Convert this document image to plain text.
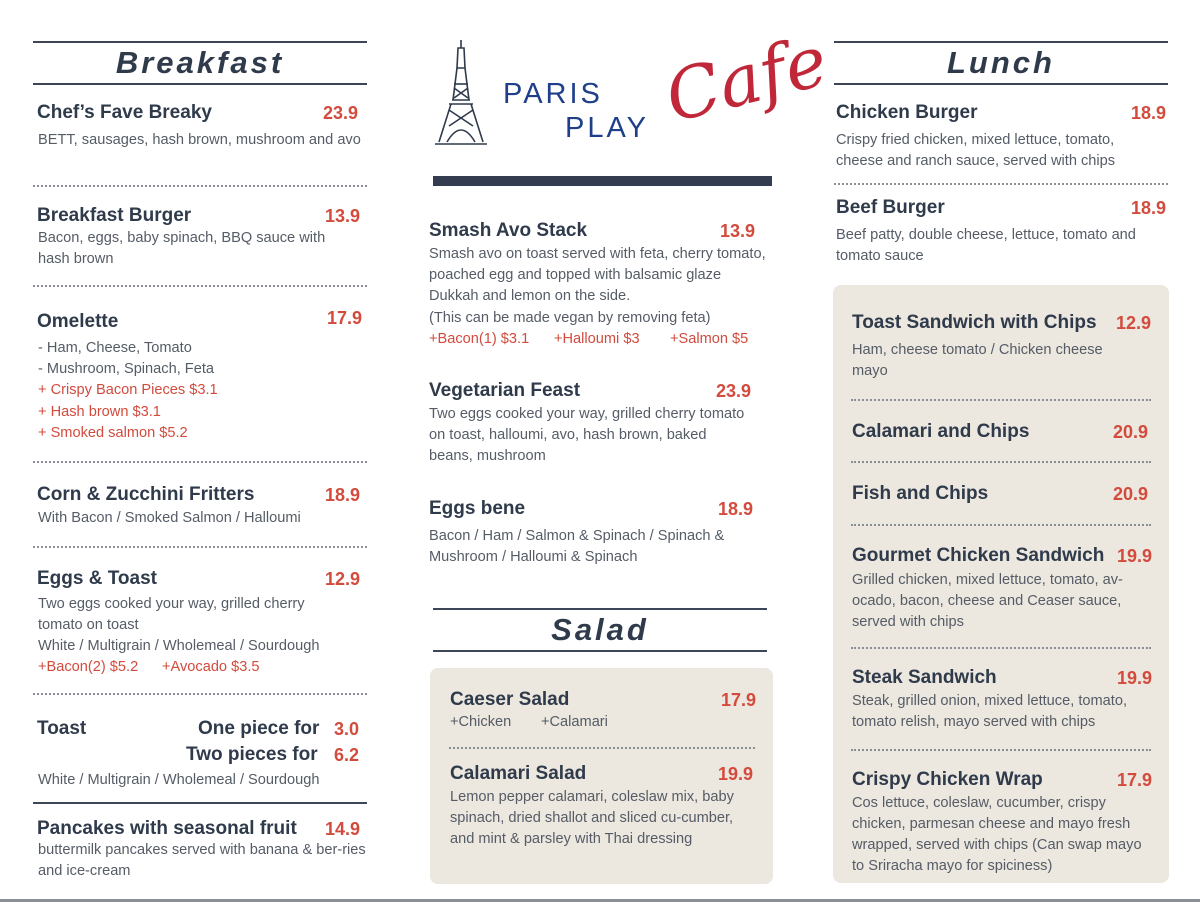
Breakfast
Chef’s Fave Breaky	23.9
BETT, sausages, hash brown, mushroom and avo
Breakfast Burger	13.9
Bacon, eggs, baby spinach, BBQ sauce with hash brown
Omelette	17.9
- Ham, Cheese, Tomato
- Mushroom, Spinach, Feta
+ Crispy Bacon Pieces $3.1
+ Hash brown $3.1
+ Smoked salmon $5.2
Corn & Zucchini Fritters	18.9
With Bacon / Smoked Salmon / Halloumi
Eggs & Toast	12.9
Two eggs cooked your way, grilled cherry tomato on toast
White / Multigrain / Wholemeal / Sourdough
+Bacon(2) $5.2 +Avocado $3.5
Toast	One piece for 3.0
Two pieces for 6.2
White / Multigrain / Wholemeal / Sourdough
Pancakes with seasonal fruit 14.9
buttermilk pancakes served with banana & ber-ries and ice-cream
PARIS
PLAY Cafe
Smash Avo Stack	13.9
Smash avo on toast served with feta, cherry tomato, poached egg and topped with balsamic glaze Dukkah and lemon on the side.
(This can be made vegan by removing feta)
+Bacon(1) $3.1 +Halloumi $3 +Salmon $5
Vegetarian Feast	23.9
Two eggs cooked your way, grilled cherry tomato on toast, halloumi, avo, hash brown, baked beans, mushroom
Eggs bene	18.9
Bacon / Ham / Salmon & Spinach / Spinach & Mushroom / Halloumi & Spinach
Salad
Caeser Salad	17.9
+Chicken +Calamari
Calamari Salad	19.9
Lemon pepper calamari, coleslaw mix, baby spinach, dried shallot and sliced cu-cumber, and mint & parsley with Thai dressing
Lunch
Chicken Burger	18.9
Crispy fried chicken, mixed lettuce, tomato, cheese and ranch sauce, served with chips
Beef Burger	18.9
Beef patty, double cheese, lettuce, tomato and tomato sauce
Toast Sandwich with Chips 12.9
Ham, cheese tomato / Chicken cheese mayo
Calamari and Chips	20.9
Fish and Chips	20.9
Gourmet Chicken Sandwich 19.9
Grilled chicken, mixed lettuce, tomato, av-ocado, bacon, cheese and Ceaser sauce, served with chips
Steak Sandwich	19.9
Steak, grilled onion, mixed lettuce, tomato, tomato relish, mayo served with chips
Crispy Chicken Wrap	17.9
Cos lettuce, coleslaw, cucumber, crispy chicken, parmesan cheese and mayo fresh wrapped, served with chips (Can swap mayo to Sriracha mayo for spiciness)
